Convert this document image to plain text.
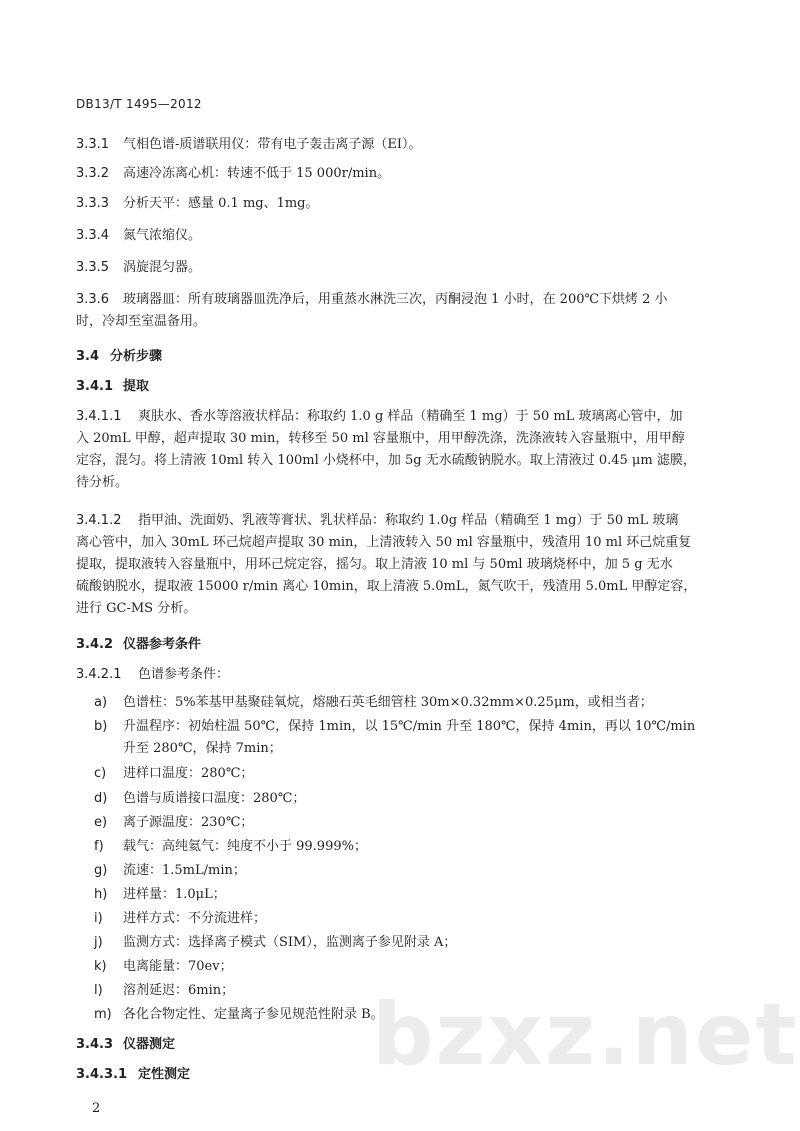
DB13/T 1495—2012
3.3.1 气相色谱-质谱联用仪：带有电子轰击离子源（EI）。
3.3.2 高速冷冻离心机：转速不低于 15 000r/min。
3.3.3 分析天平：感量 0.1 mg、1mg。
3.3.4 氮气浓缩仪。
3.3.5 涡旋混匀器。
3.3.6 玻璃器皿：所有玻璃器皿洗净后，用重蒸水淋洗三次，丙酮浸泡 1 小时，在 200℃下烘烤 2 小
时，冷却至室温备用。
3.4 分析步骤
3.4.1 提取
3.4.1.1 爽肤水、香水等溶液状样品：称取约 1.0 g 样品（精确至 1 mg）于 50 mL 玻璃离心管中，加
入 20mL 甲醇，超声提取 30 min，转移至 50 ml 容量瓶中，用甲醇洗涤，洗涤液转入容量瓶中，用甲醇
定容，混匀。将上清液 10ml 转入 100ml 小烧杯中，加 5g 无水硫酸钠脱水。取上清液过 0.45 μm 滤膜，
待分析。
3.4.1.2 指甲油、洗面奶、乳液等膏状、乳状样品：称取约 1.0g 样品（精确至 1 mg）于 50 mL 玻璃
离心管中，加入 30mL 环己烷超声提取 30 min，上清液转入 50 ml 容量瓶中，残渣用 10 ml 环己烷重复
提取，提取液转入容量瓶中，用环己烷定容，摇匀。取上清液 10 ml 与 50ml 玻璃烧杯中，加 5 g 无水
硫酸钠脱水，提取液 15000 r/min 离心 10min，取上清液 5.0mL，氮气吹干，残渣用 5.0mL 甲醇定容，
进行 GC-MS 分析。
3.4.2 仪器参考条件
3.4.2.1 色谱参考条件：
a) 色谱柱：5%苯基甲基聚硅氧烷，熔融石英毛细管柱 30m×0.32mm×0.25μm，或相当者；
b) 升温程序：初始柱温 50℃，保持 1min，以 15℃/min 升至 180℃，保持 4min，再以 10℃/min
升至 280℃，保持 7min；
c) 进样口温度：280℃；
d) 色谱与质谱接口温度：280℃；
e) 离子源温度：230℃；
f) 载气：高纯氦气：纯度不小于 99.999%；
g) 流速：1.5mL/min；
h) 进样量：1.0μL；
i) 进样方式：不分流进样；
j) 监测方式：选择离子模式（SIM），监测离子参见附录 A；
k) 电离能量：70ev；
l) 溶剂延迟：6min；
m) 各化合物定性、定量离子参见规范性附录 B。
bzxz.net
3.4.3 仪器测定
3.4.3.1 定性测定
2
